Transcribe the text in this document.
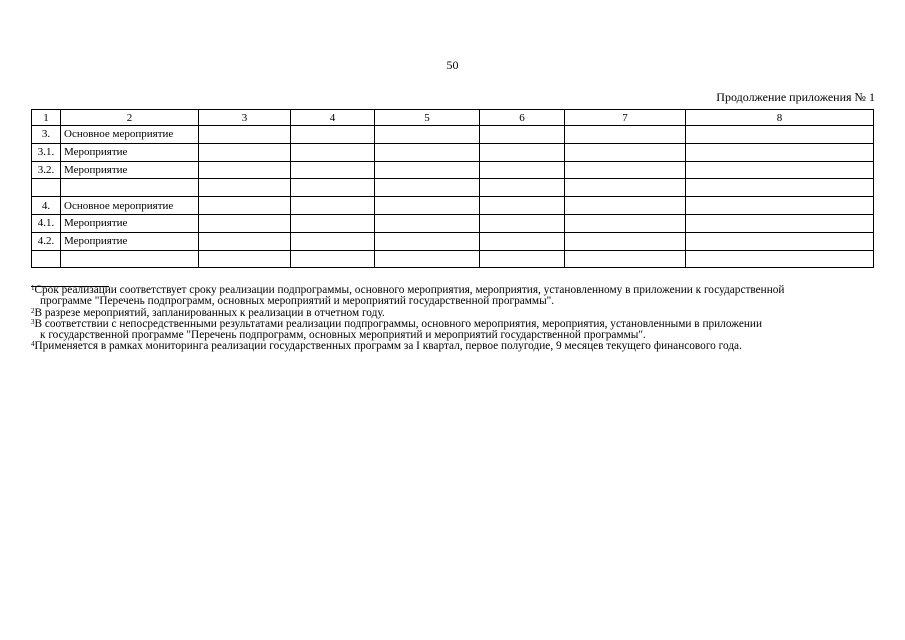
50
Продолжение приложения № 1
1	2	3	4	5	6	7	8
3.	Основное мероприятие						
3.1.	Мероприятие						
3.2.	Мероприятие						

4.	Основное мероприятие						
4.1.	Мероприятие						
4.2.	Мероприятие						

$^1$Срок реализации соответствует сроку реализации подпрограммы, основного мероприятия, мероприятия, установленному в приложении к государственной
программе "Перечень подпрограмм, основных мероприятий и мероприятий государственной программы".
$^2$В разрезе мероприятий, запланированных к реализации в отчетном году.
$^3$В соответствии с непосредственными результатами реализации подпрограммы, основного мероприятия, мероприятия, установленными в приложении
к государственной программе "Перечень подпрограмм, основных мероприятий и мероприятий государственной программы".
$^4$Применяется в рамках мониторинга реализации государственных программ за I квартал, первое полугодие, 9 месяцев текущего финансового года.
